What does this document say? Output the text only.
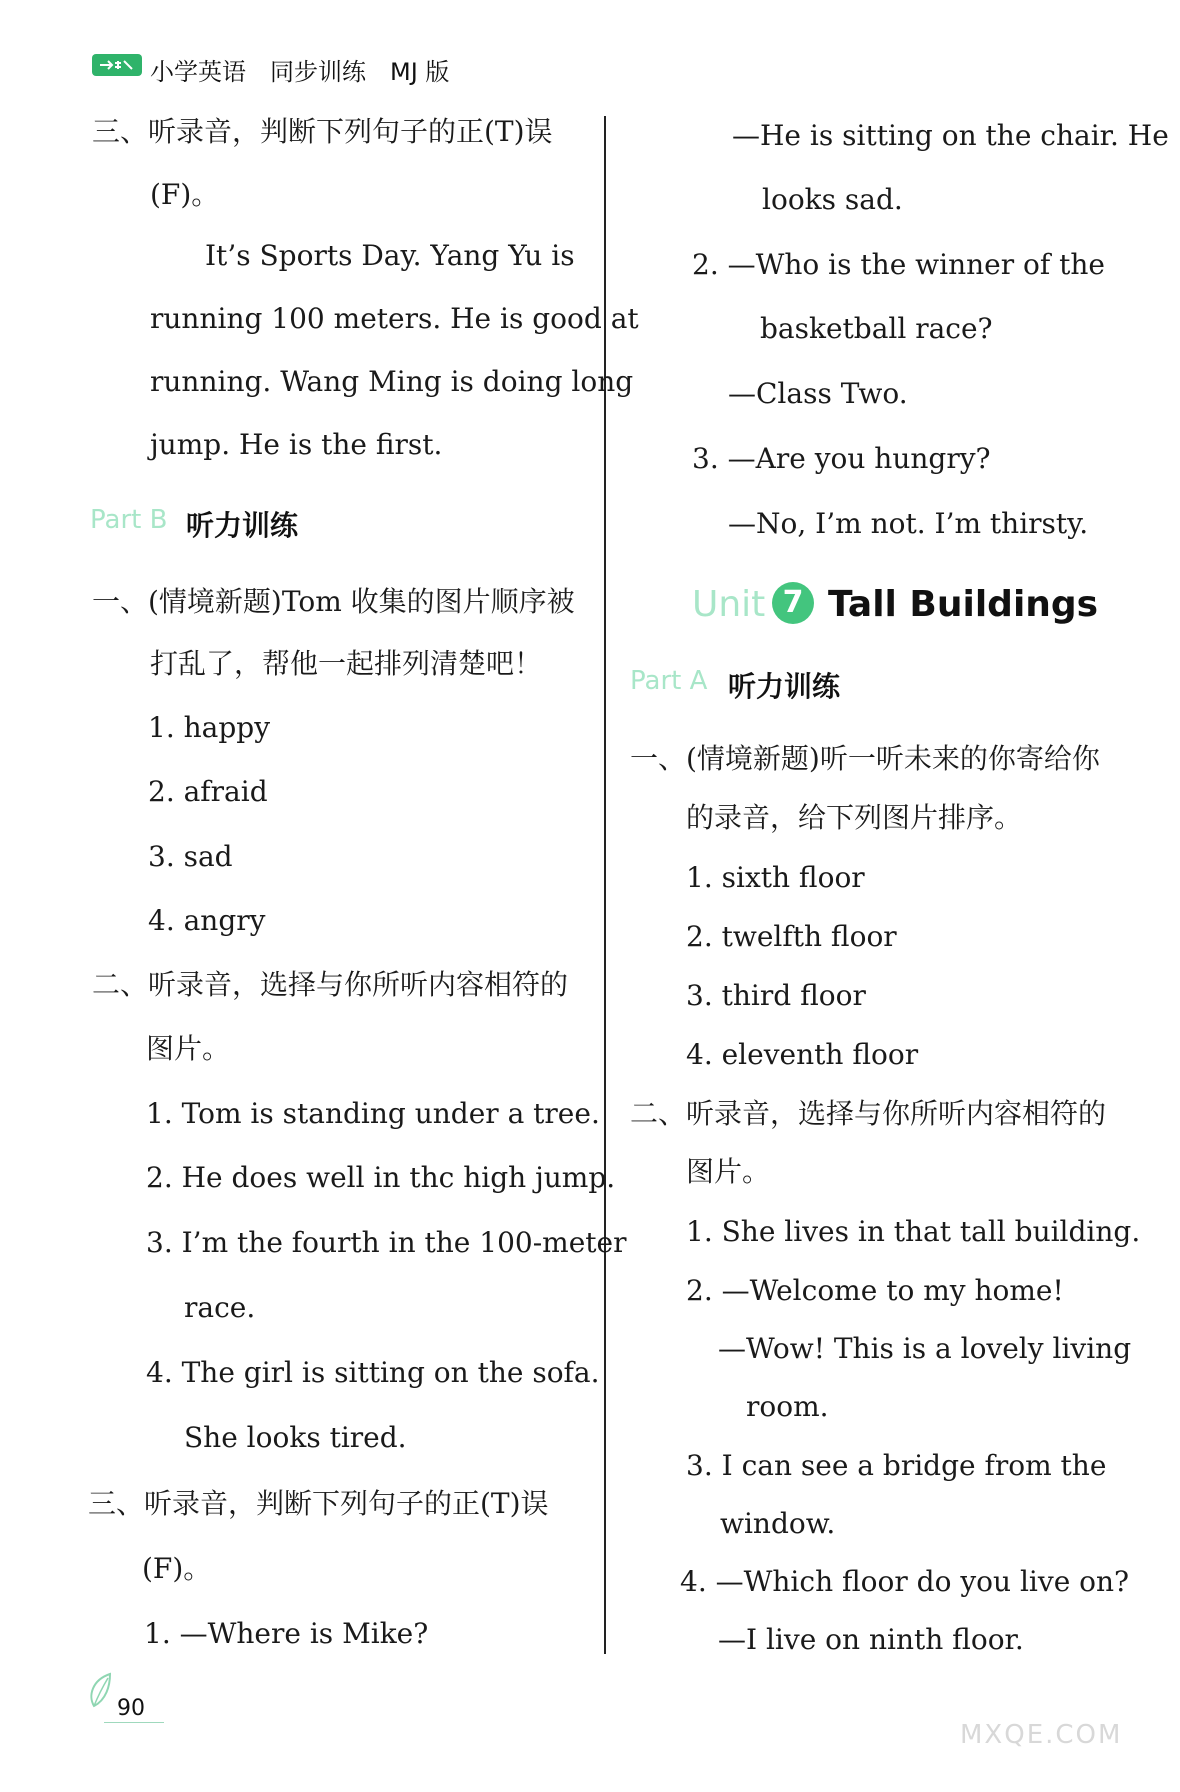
小学英语　同步训练　MJ 版
三、听录音，判断下列句子的正(T)误
(F)。
It’s Sports Day. Yang Yu is
running 100 meters. He is good at
running. Wang Ming is doing long
jump. He is the first.
Part B 听力训练
一、(情境新题)Tom 收集的图片顺序被
打乱了，帮他一起排列清楚吧！
1. happy
2. afraid
3. sad
4. angry
二、听录音，选择与你所听内容相符的
图片。
1. Tom is standing under a tree.
2. He does well in thc high jump.
3. I’m the fourth in the 100-meter
race.
4. The girl is sitting on the sofa.
She looks tired.
三、听录音，判断下列句子的正(T)误
(F)。
1. —Where is Mike?
—He is sitting on the chair. He
looks sad.
2. —Who is the winner of the
basketball race?
—Class Two.
3. —Are you hungry?
—No, I’m not. I’m thirsty.
Unit 7 Tall Buildings
Part A 听力训练
一、(情境新题)听一听未来的你寄给你
的录音，给下列图片排序。
1. sixth floor
2. twelfth floor
3. third floor
4. eleventh floor
二、听录音，选择与你所听内容相符的
图片。
1. She lives in that tall building.
2. —Welcome to my home!
—Wow! This is a lovely living
room.
3. I can see a bridge from the
window.
4. —Which floor do you live on?
—I live on ninth floor.
90
MXQE.COM
